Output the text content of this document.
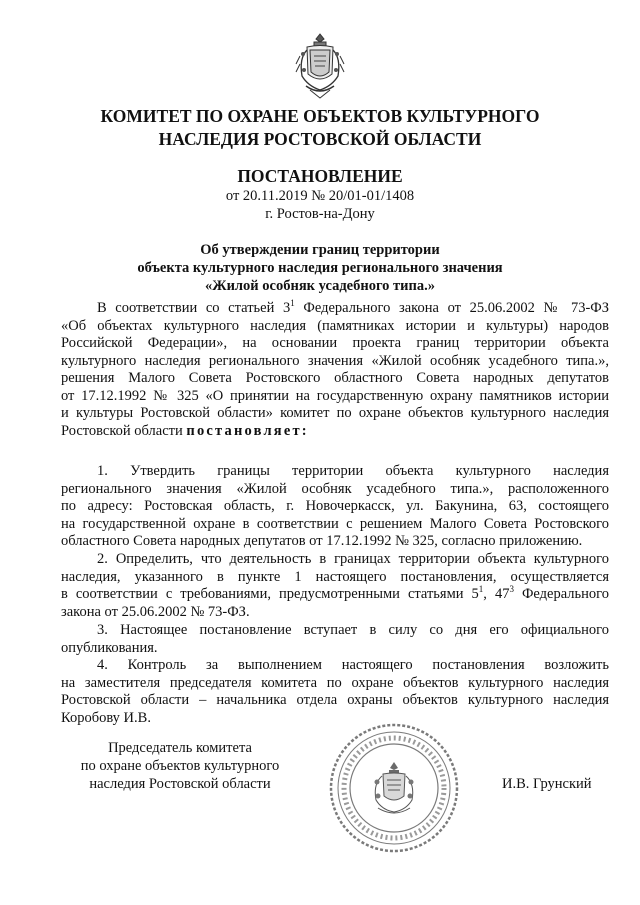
КОМИТЕТ ПО ОХРАНЕ ОБЪЕКТОВ КУЛЬТУРНОГО
НАСЛЕДИЯ РОСТОВСКОЙ ОБЛАСТИ
ПОСТАНОВЛЕНИЕ
от 20.11.2019 № 20/01-01/1408
г. Ростов-на-Дону
Об утверждении границ территории
объекта культурного наследия регионального значения
«Жилой особняк усадебного типа.»
В соответствии со статьей $3^1$ Федерального закона от 25.06.2002 № 73-ФЗ
«Об объектах культурного наследия (памятниках истории и культуры) народов
Российской Федерации», на основании проекта границ территории объекта
культурного наследия регионального значения «Жилой особняк усадебного типа.»,
решения Малого Совета Ростовского областного Совета народных депутатов
от 17.12.1992 № 325 «О принятии на государственную охрану памятников истории
и культуры Ростовской области» комитет по охране объектов культурного наследия
Ростовской области постановляет:
1. Утвердить границы территории объекта культурного наследия
регионального значения «Жилой особняк усадебного типа.», расположенного
по адресу: Ростовская область, г. Новочеркасск, ул. Бакунина, 63, состоящего
на государственной охране в соответствии с решением Малого Совета Ростовского
областного Совета народных депутатов от 17.12.1992 № 325, согласно приложению.
2. Определить, что деятельность в границах территории объекта культурного
наследия, указанного в пункте 1 настоящего постановления, осуществляется
в соответствии с требованиями, предусмотренными статьями $5^1$, $47^3$ Федерального
закона от 25.06.2002 № 73-ФЗ.
3. Настоящее постановление вступает в силу со дня его официального
опубликования.
4. Контроль за выполнением настоящего постановления возложить
на заместителя председателя комитета по охране объектов культурного наследия
Ростовской области – начальника отдела охраны объектов культурного наследия
Коробову И.В.
Председатель комитета
по охране объектов культурного
наследия Ростовской области	И.В. Грунский
